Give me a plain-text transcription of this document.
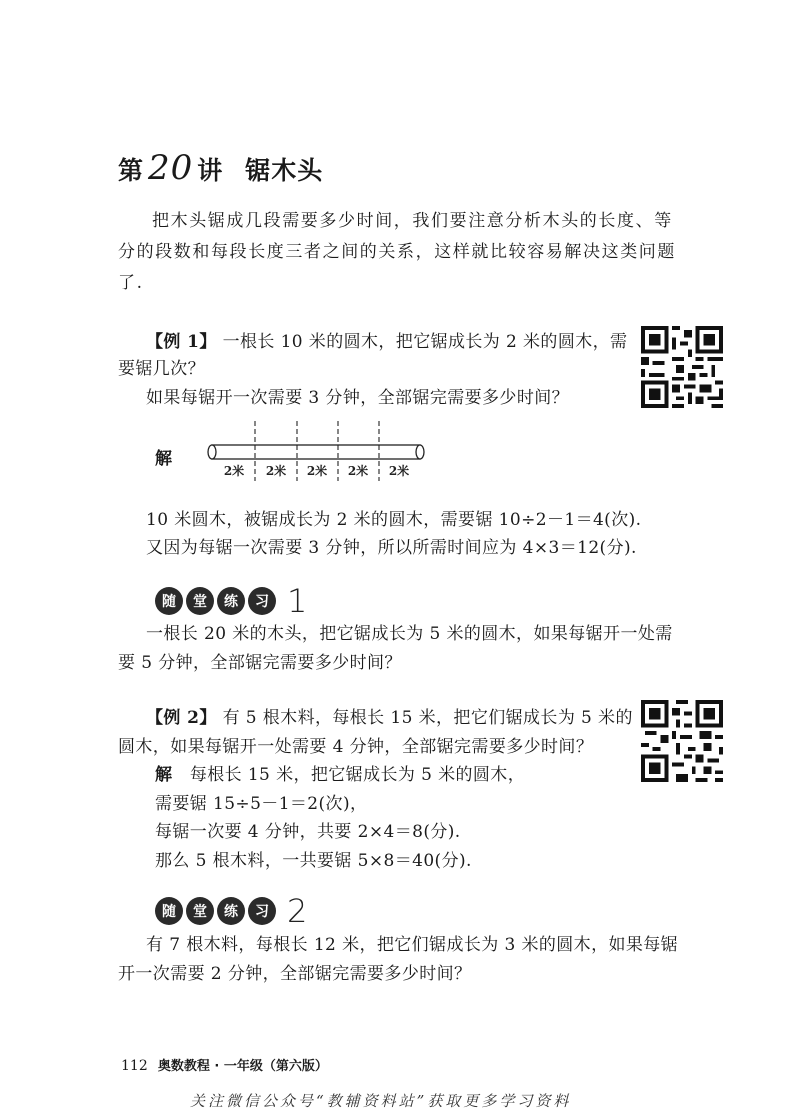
第 20 讲 锯木头
把木头锯成几段需要多少时间，我们要注意分析木头的长度、等分的段数和每段长度三者之间的关系，这样就比较容易解决这类问题了.
【例 1】 一根长 10 米的圆木，把它锯成长为 2 米的圆木，需
要锯几次？
如果每锯开一次需要 3 分钟，全部锯完需要多少时间？
解
2米 2米 2米 2米 2米
10 米圆木，被锯成长为 2 米的圆木，需要锯 10÷2－1＝4(次).
又因为每锯一次需要 3 分钟，所以所需时间应为 4×3＝12(分).
随	堂	练	习 1
一根长 20 米的木头，把它锯成长为 5 米的圆木，如果每锯开一处需
要 5 分钟，全部锯完需要多少时间？
【例 2】 有 5 根木料，每根长 15 米，把它们锯成长为 5 米的
圆木，如果每锯开一处需要 4 分钟，全部锯完需要多少时间？
解 每根长 15 米，把它锯成长为 5 米的圆木，
需要锯 15÷5－1＝2(次)，
每锯一次要 4 分钟，共要 2×4＝8(分).
那么 5 根木料，一共要锯 5×8＝40(分).
随	堂	练	习 2
有 7 根木料，每根长 12 米，把它们锯成长为 3 米的圆木，如果每锯
开一次需要 2 分钟，全部锯完需要多少时间？
112 奥数教程 · 一年级（第六版）
关注微信公众号“教辅资料站”获取更多学习资料
